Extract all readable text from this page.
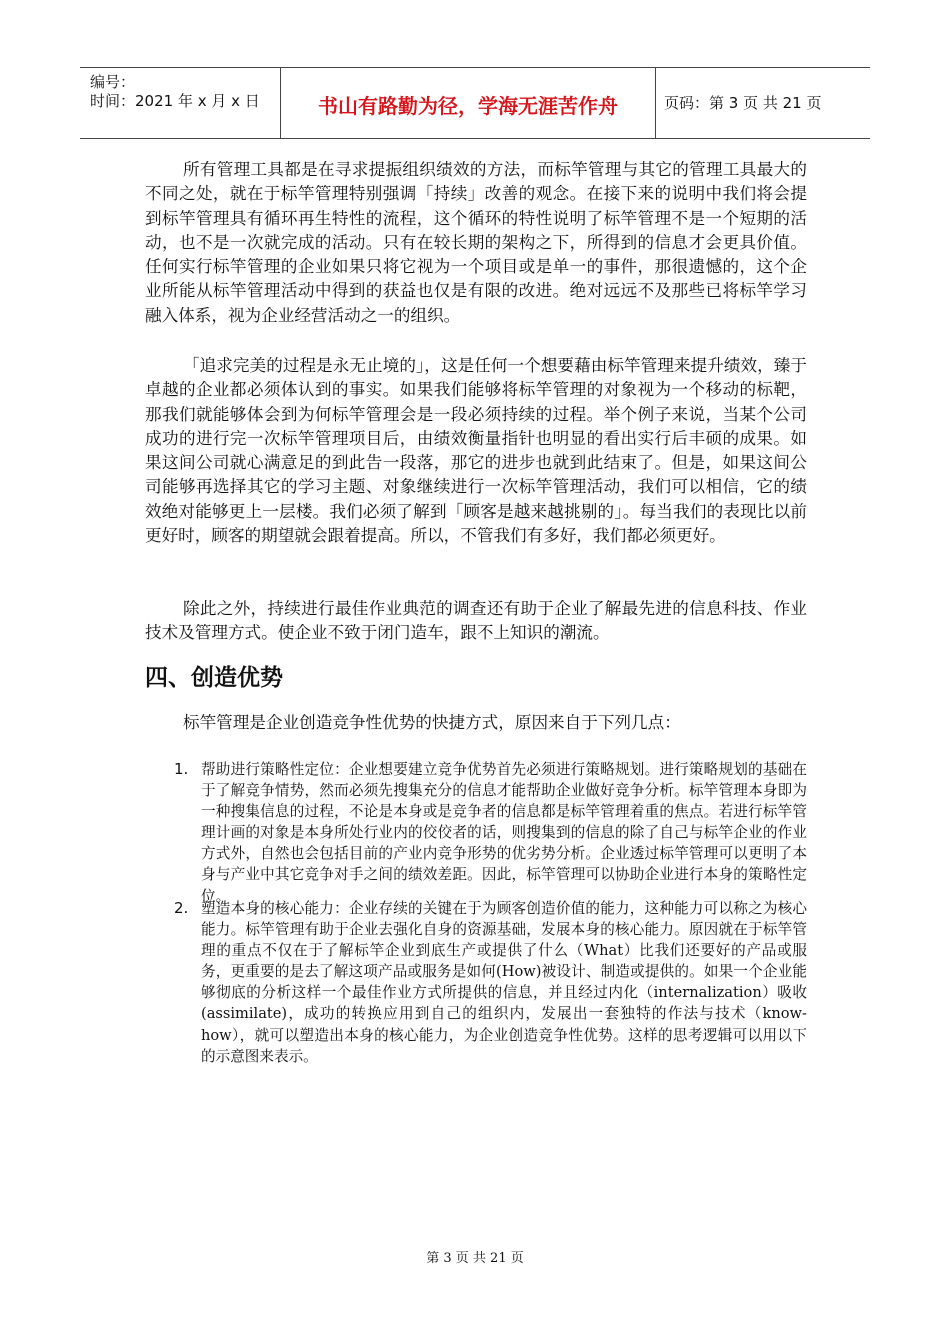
编号：
时间：2021 年 x 月 x 日	书山有路勤为径，学海无涯苦作舟	页码：第 3 页 共 21 页

所有管理工具都是在寻求提振组织绩效的方法，而标竿管理与其它的管理工具最大的不同之处，就在于标竿管理特别强调「持续」改善的观念。在接下来的说明中我们将会提到标竿管理具有循环再生特性的流程，这个循环的特性说明了标竿管理不是一个短期的活动，也不是一次就完成的活动。只有在较长期的架构之下，所得到的信息才会更具价值。任何实行标竿管理的企业如果只将它视为一个项目或是单一的事件，那很遗憾的，这个企业所能从标竿管理活动中得到的获益也仅是有限的改进。绝对远远不及那些已将标竿学习融入体系，视为企业经营活动之一的组织。

「追求完美的过程是永无止境的」，这是任何一个想要藉由标竿管理来提升绩效，臻于卓越的企业都必须体认到的事实。如果我们能够将标竿管理的对象视为一个移动的标靶，那我们就能够体会到为何标竿管理会是一段必须持续的过程。举个例子来说，当某个公司成功的进行完一次标竿管理项目后，由绩效衡量指针也明显的看出实行后丰硕的成果。如果这间公司就心满意足的到此告一段落，那它的进步也就到此结束了。但是，如果这间公司能够再选择其它的学习主题、对象继续进行一次标竿管理活动，我们可以相信，它的绩效绝对能够更上一层楼。我们必须了解到「顾客是越来越挑剔的」。每当我们的表现比以前更好时，顾客的期望就会跟着提高。所以，不管我们有多好，我们都必须更好。

除此之外，持续进行最佳作业典范的调查还有助于企业了解最先进的信息科技、作业技术及管理方式。使企业不致于闭门造车，跟不上知识的潮流。

四、创造优势

标竿管理是企业创造竞争性优势的快捷方式，原因来自于下列几点：

1. 帮助进行策略性定位：企业想要建立竞争优势首先必须进行策略规划。进行策略规划的基础在于了解竞争情势，然而必须先搜集充分的信息才能帮助企业做好竞争分析。标竿管理本身即为一种搜集信息的过程，不论是本身或是竞争者的信息都是标竿管理着重的焦点。若进行标竿管理计画的对象是本身所处行业内的佼佼者的话，则搜集到的信息的除了自己与标竿企业的作业方式外，自然也会包括目前的产业内竞争形势的优劣势分析。企业透过标竿管理可以更明了本身与产业中其它竞争对手之间的绩效差距。因此，标竿管理可以协助企业进行本身的策略性定位。

2. 塑造本身的核心能力：企业存续的关键在于为顾客创造价值的能力，这种能力可以称之为核心能力。标竿管理有助于企业去强化自身的资源基础，发展本身的核心能力。原因就在于标竿管理的重点不仅在于了解标竿企业到底生产或提供了什么（What）比我们还要好的产品或服务，更重要的是去了解这项产品或服务是如何(How)被设计、制造或提供的。如果一个企业能够彻底的分析这样一个最佳作业方式所提供的信息，并且经过内化（internalization）吸收(assimilate)，成功的转换应用到自己的组织内，发展出一套独特的作法与技术（know-how），就可以塑造出本身的核心能力，为企业创造竞争性优势。这样的思考逻辑可以用以下的示意图来表示。

第 3 页 共 21 页
